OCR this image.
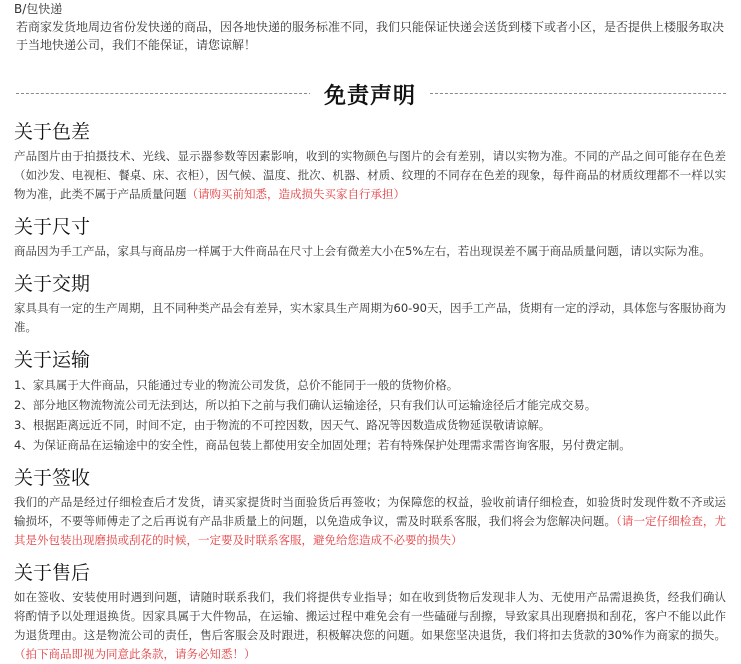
B/包快递

若商家发货地周边省份发快递的商品，因各地快递的服务标准不同，我们只能保证快递会送货到楼下或者小区，是否提供上楼服务取决于当地快递公司，我们不能保证，请您谅解！

免责声明
关于色差

产品图片由于拍摄技术、光线、显示器参数等因素影响，收到的实物颜色与图片的会有差别，请以实物为准。不同的产品之间可能存在色差（如沙发、电视柜、餐桌、床、衣柜），因气候、温度、批次、机器、材质、纹理的不同存在色差的现象，每件商品的材质纹理都不一样以实物为准，此类不属于产品质量问题（请购买前知悉，造成损失买家自行承担）

关于尺寸

商品因为手工产品，家具与商品房一样属于大件商品在尺寸上会有微差大小在5%左右，若出现误差不属于商品质量问题，请以实际为准。

关于交期

家具具有一定的生产周期，且不同种类产品会有差异，实木家具生产周期为60-90天，因手工产品，货期有一定的浮动，具体您与客服协商为准。

关于运输

1、家具属于大件商品，只能通过专业的物流公司发货，总价不能同于一般的货物价格。

2、部分地区物流物流公司无法到达，所以拍下之前与我们确认运输途径，只有我们认可运输途径后才能完成交易。

3、根据距离远近不同，时间不定，由于物流的不可控因数，因天气、路况等因数造成货物延误敬请谅解。

4、为保证商品在运输途中的安全性，商品包装上都使用安全加固处理；若有特殊保护处理需求需咨询客服，另付费定制。

关于签收

我们的产品是经过仔细检查后才发货，请买家提货时当面验货后再签收；为保障您的权益，验收前请仔细检查，如验货时发现件数不齐或运输损坏，不要等师傅走了之后再说有产品非质量上的问题，以免造成争议，需及时联系客服，我们将会为您解决问题。（请一定仔细检查，尤其是外包装出现磨损或刮花的时候，一定要及时联系客服，避免给您造成不必要的损失）

关于售后

如在签收、安装使用时遇到问题，请随时联系我们，我们将提供专业指导；如在收到货物后发现非人为、无使用产品需退换货，经我们确认将酌情予以处理退换货。因家具属于大件物品，在运输、搬运过程中难免会有一些磕碰与刮擦，导致家具出现磨损和刮花，客户不能以此作为退货理由。这是物流公司的责任，售后客服会及时跟进，积极解决您的问题。如果您坚决退货，我们将扣去货款的30%作为商家的损失。（拍下商品即视为同意此条款，请务必知悉！）
